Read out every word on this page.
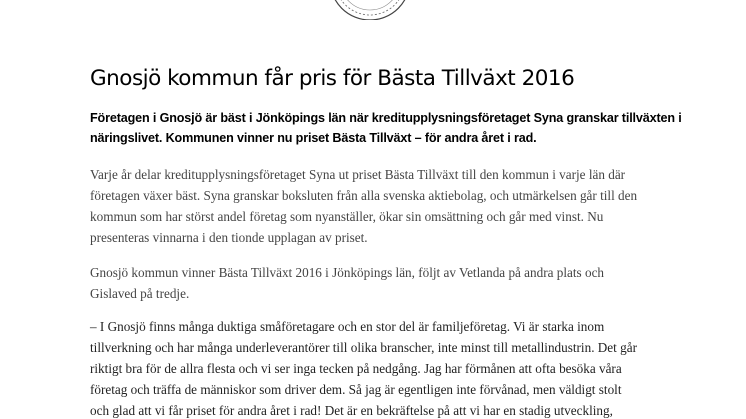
Gnosjö kommun får pris för Bästa Tillväxt 2016

Företagen i Gnosjö är bäst i Jönköpings län när kreditupplysningsföretaget Syna granskar tillväxten i
näringslivet. Kommunen vinner nu priset Bästa Tillväxt – för andra året i rad.

Varje år delar kreditupplysningsföretaget Syna ut priset Bästa Tillväxt till den kommun i varje län där
företagen växer bäst. Syna granskar boksluten från alla svenska aktiebolag, och utmärkelsen går till den
kommun som har störst andel företag som nyanställer, ökar sin omsättning och går med vinst. Nu
presenteras vinnarna i den tionde upplagan av priset.

Gnosjö kommun vinner Bästa Tillväxt 2016 i Jönköpings län, följt av Vetlanda på andra plats och
Gislaved på tredje.

– I Gnosjö finns många duktiga småföretagare och en stor del är familjeföretag. Vi är starka inom
tillverkning och har många underleverantörer till olika branscher, inte minst till metallindustrin. Det går
riktigt bra för de allra flesta och vi ser inga tecken på nedgång. Jag har förmånen att ofta besöka våra
företag och träffa de människor som driver dem. Så jag är egentligen inte förvånad, men väldigt stolt
och glad att vi får priset för andra året i rad! Det är en bekräftelse på att vi har en stadig utveckling,
